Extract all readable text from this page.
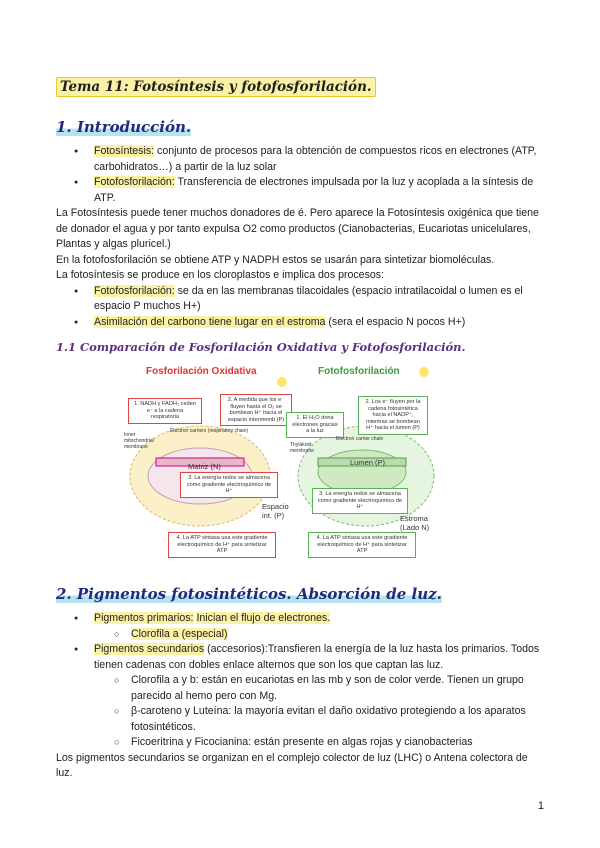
Tema 11: Fotosíntesis y fotofosforilación.
1. Introducción.
● Fotosíntesis: conjunto de procesos para la obtención de compuestos ricos en electrones (ATP, carbohidratos…) a partir de la luz solar
● Fotofosforilación: Transferencia de electrones impulsada por la luz y acoplada a la síntesis de ATP.
La Fotosíntesis puede tener muchos donadores de é. Pero aparece la Fotosíntesis oxigénica que tiene de donador el agua y por tanto expulsa O2 como productos (Cianobacterias, Eucariotas unicelulares, Plantas y algas pluricel.)
En la fotofosforilación se obtiene ATP y NADPH estos se usarán para sintetizar biomoléculas.
La fotosíntesis se produce en los cloroplastos e implica dos procesos:
● Fotofosforilación: se da en las membranas tilacoidales (espacio intratilacoidal o lumen es el espacio P muchos H+)
● Asimilación del carbono tiene lugar en el estroma (sera el espacio N pocos H+)
1.1 Comparación de Fosforilación Oxidativa y Fotofosforilación.
Fosforilación Oxidativa	Fotofosforilación
1. NADH y FADH₂ ceden e⁻ a la cadena respiratoria
2. A medida que los e⁻ fluyen hasta el O₂ se bombean H⁺ hacia el espacio intermemb (P)
3. La energía redox se almacena como gradiente electroquímico de H⁺
4. La ATP sintasa usa este gradiente electroquímico de H⁺ para sintetizar ATP
1. El H₂O dona electrones gracias a la luz
2. Los e⁻ fluyen por la cadena fotosintética hacia el NADP⁺, mientras se bombean H⁺ hacia el lumen (P)
3. La energía redox se almacena como gradiente electroquímico de H⁺
4. La ATP sintasa usa este gradiente electroquímico de H⁺ para sintetizar ATP
Matriz (N)
Espacio int. (P)
Inner mitochondrial membrane
Electron carriers (respiratory chain)
Lumen (P)
Estroma (Lado N)
Thylakoid membrane
Electron carrier chain
2. Pigmentos fotosintéticos. Absorción de luz.
● Pigmentos primarios: Inician el flujo de electrones.
○ Clorofila a (especial)
● Pigmentos secundarios (accesorios):Transfieren la energía de la luz hasta los primarios. Todos tienen cadenas con dobles enlace alternos que son los que captan las luz.
○ Clorofila a y b: están en eucariotas en las mb y son de color verde. Tienen un grupo parecido al hemo pero con Mg.
○ β-caroteno y Luteína: la mayoría evitan el daño oxidativo protegiendo a los aparatos fotosintéticos.
○ Ficoeritrina y Ficocianina: están presente en algas rojas y cianobacterias
Los pigmentos secundarios se organizan en el complejo colector de luz (LHC) o Antena colectora de luz.
1
